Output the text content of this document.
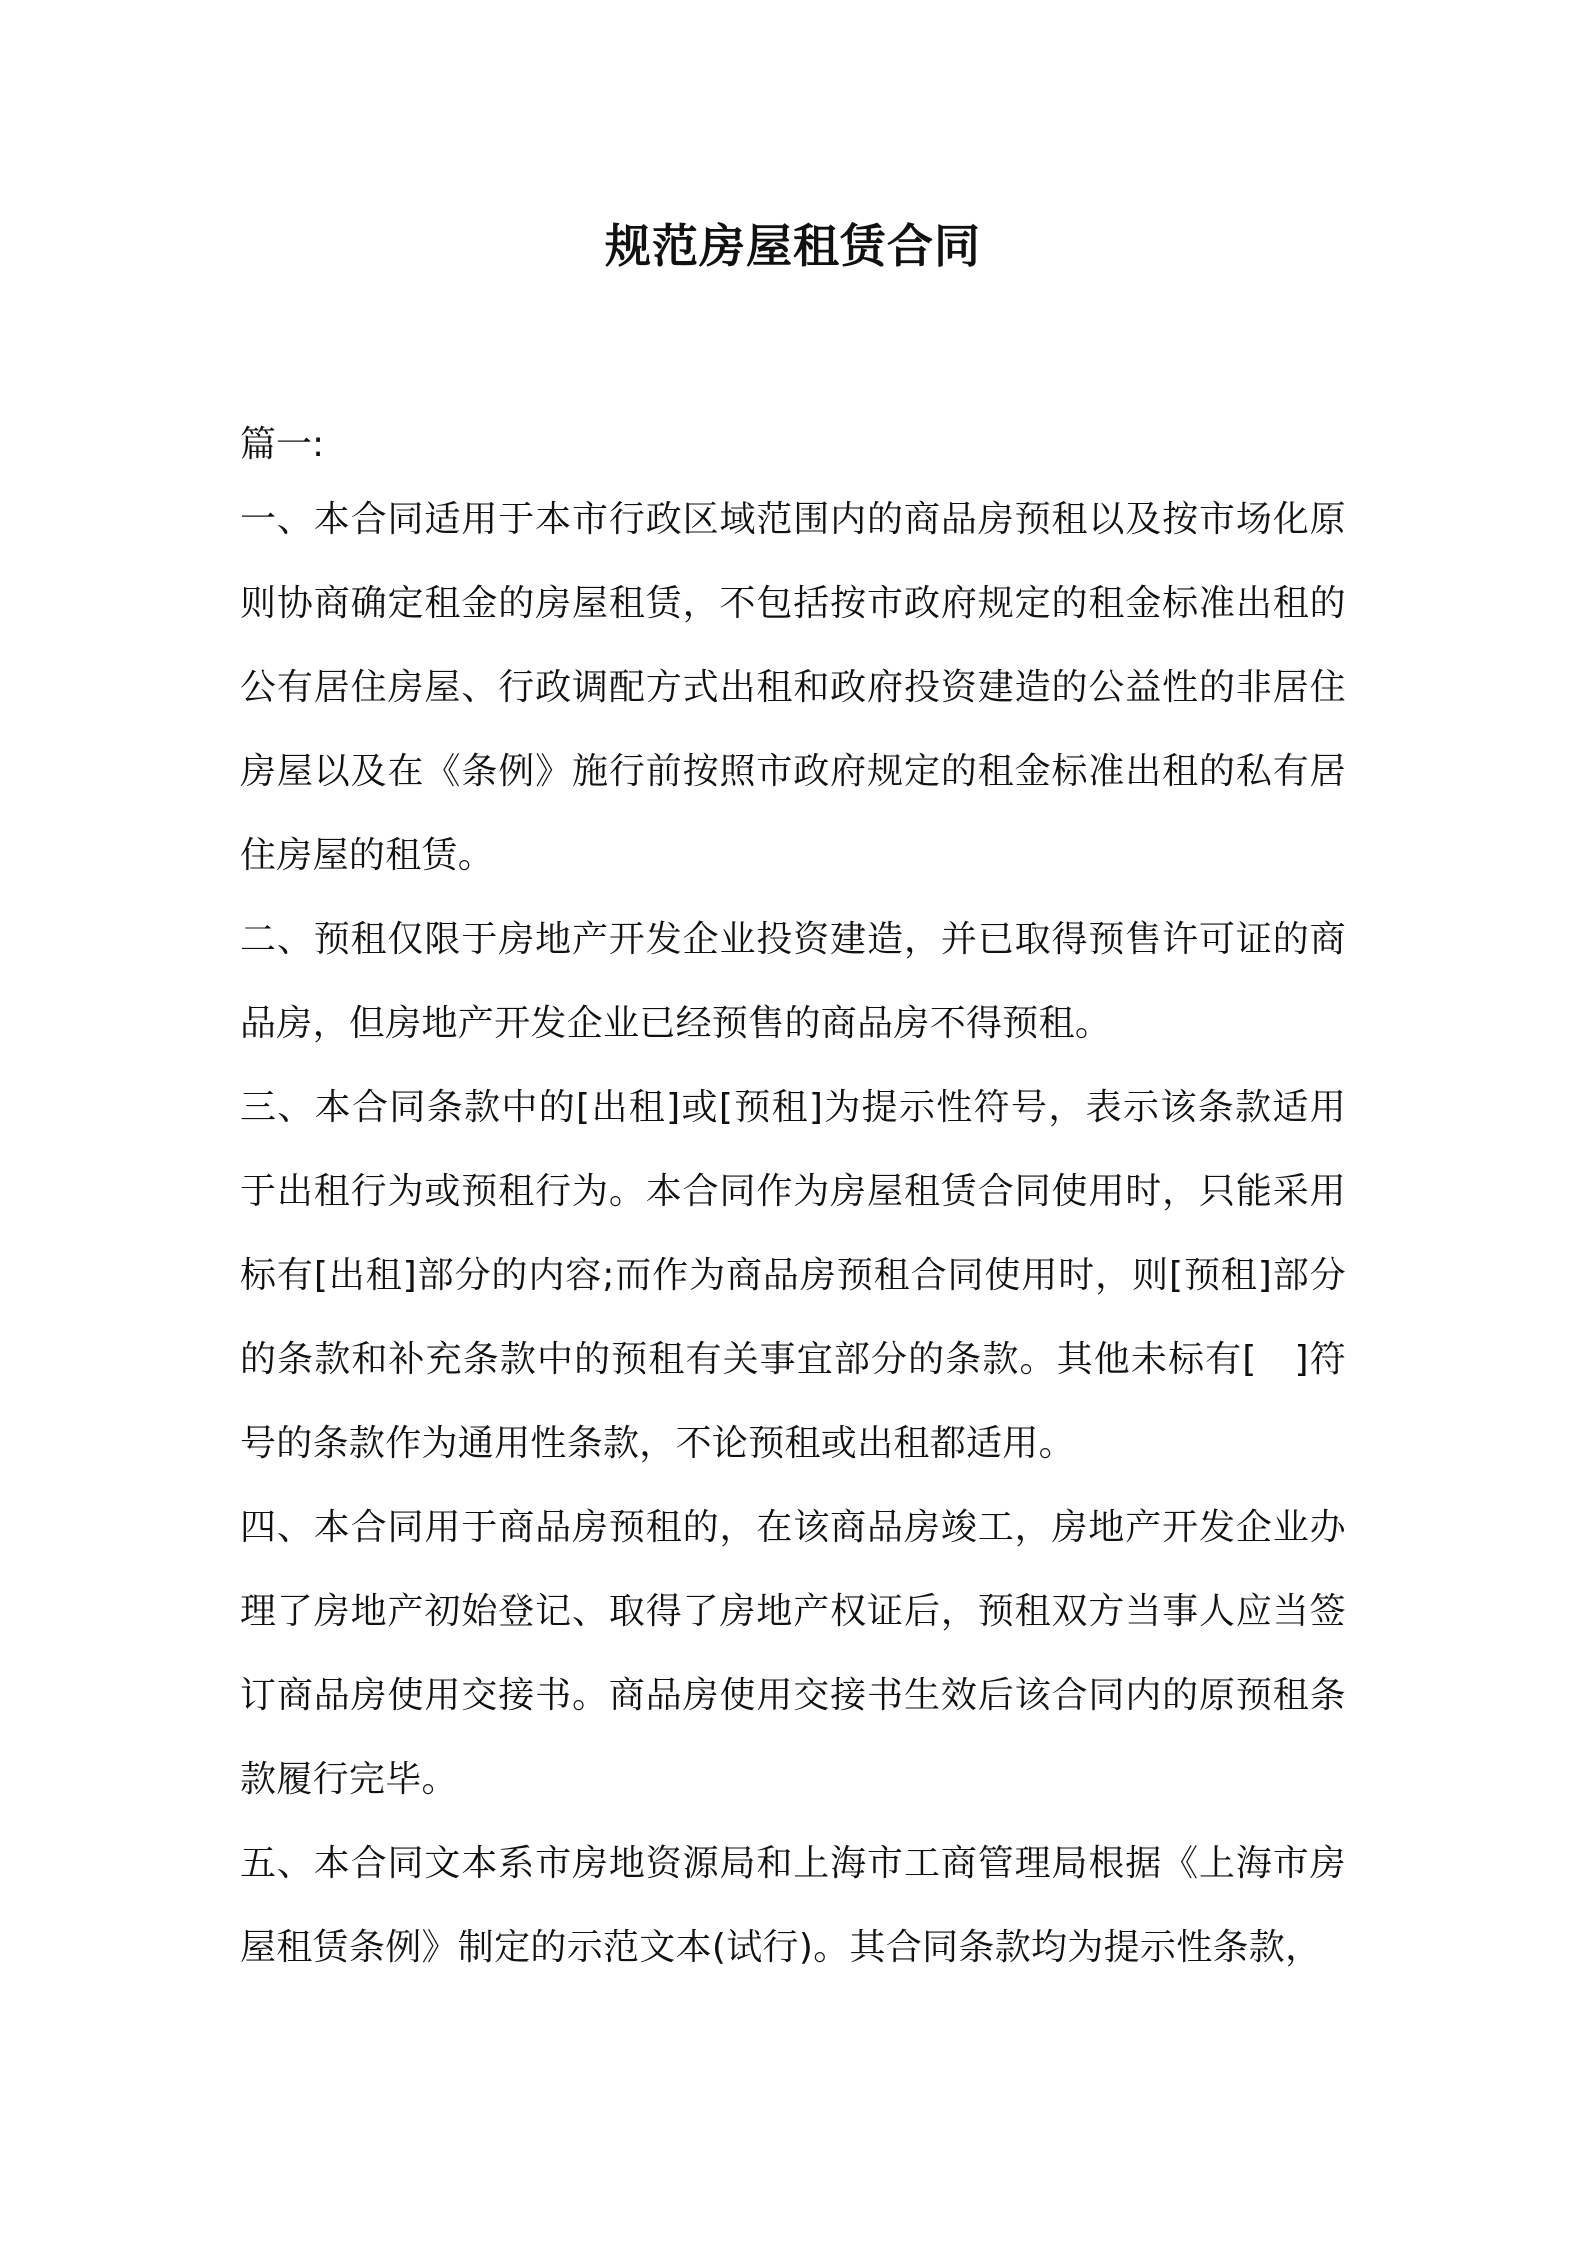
规范房屋租赁合同
篇一:

一、本合同适用于本市行政区域范围内的商品房预租以及按市场化原则协商确定租金的房屋租赁，不包括按市政府规定的租金标准出租的公有居住房屋、行政调配方式出租和政府投资建造的公益性的非居住房屋以及在《条例》施行前按照市政府规定的租金标准出租的私有居住房屋的租赁。

二、预租仅限于房地产开发企业投资建造，并已取得预售许可证的商品房，但房地产开发企业已经预售的商品房不得预租。

三、本合同条款中的[出租]或[预租]为提示性符号，表示该条款适用于出租行为或预租行为。本合同作为房屋租赁合同使用时，只能采用标有[出租]部分的内容;而作为商品房预租合同使用时，则[预租]部分的条款和补充条款中的预租有关事宜部分的条款。其他未标有[　]符号的条款作为通用性条款，不论预租或出租都适用。

四、本合同用于商品房预租的，在该商品房竣工，房地产开发企业办理了房地产初始登记、取得了房地产权证后，预租双方当事人应当签订商品房使用交接书。商品房使用交接书生效后该合同内的原预租条款履行完毕。

五、本合同文本系市房地资源局和上海市工商管理局根据《上海市房屋租赁条例》制定的示范文本(试行)。其合同条款均为提示性条款，
